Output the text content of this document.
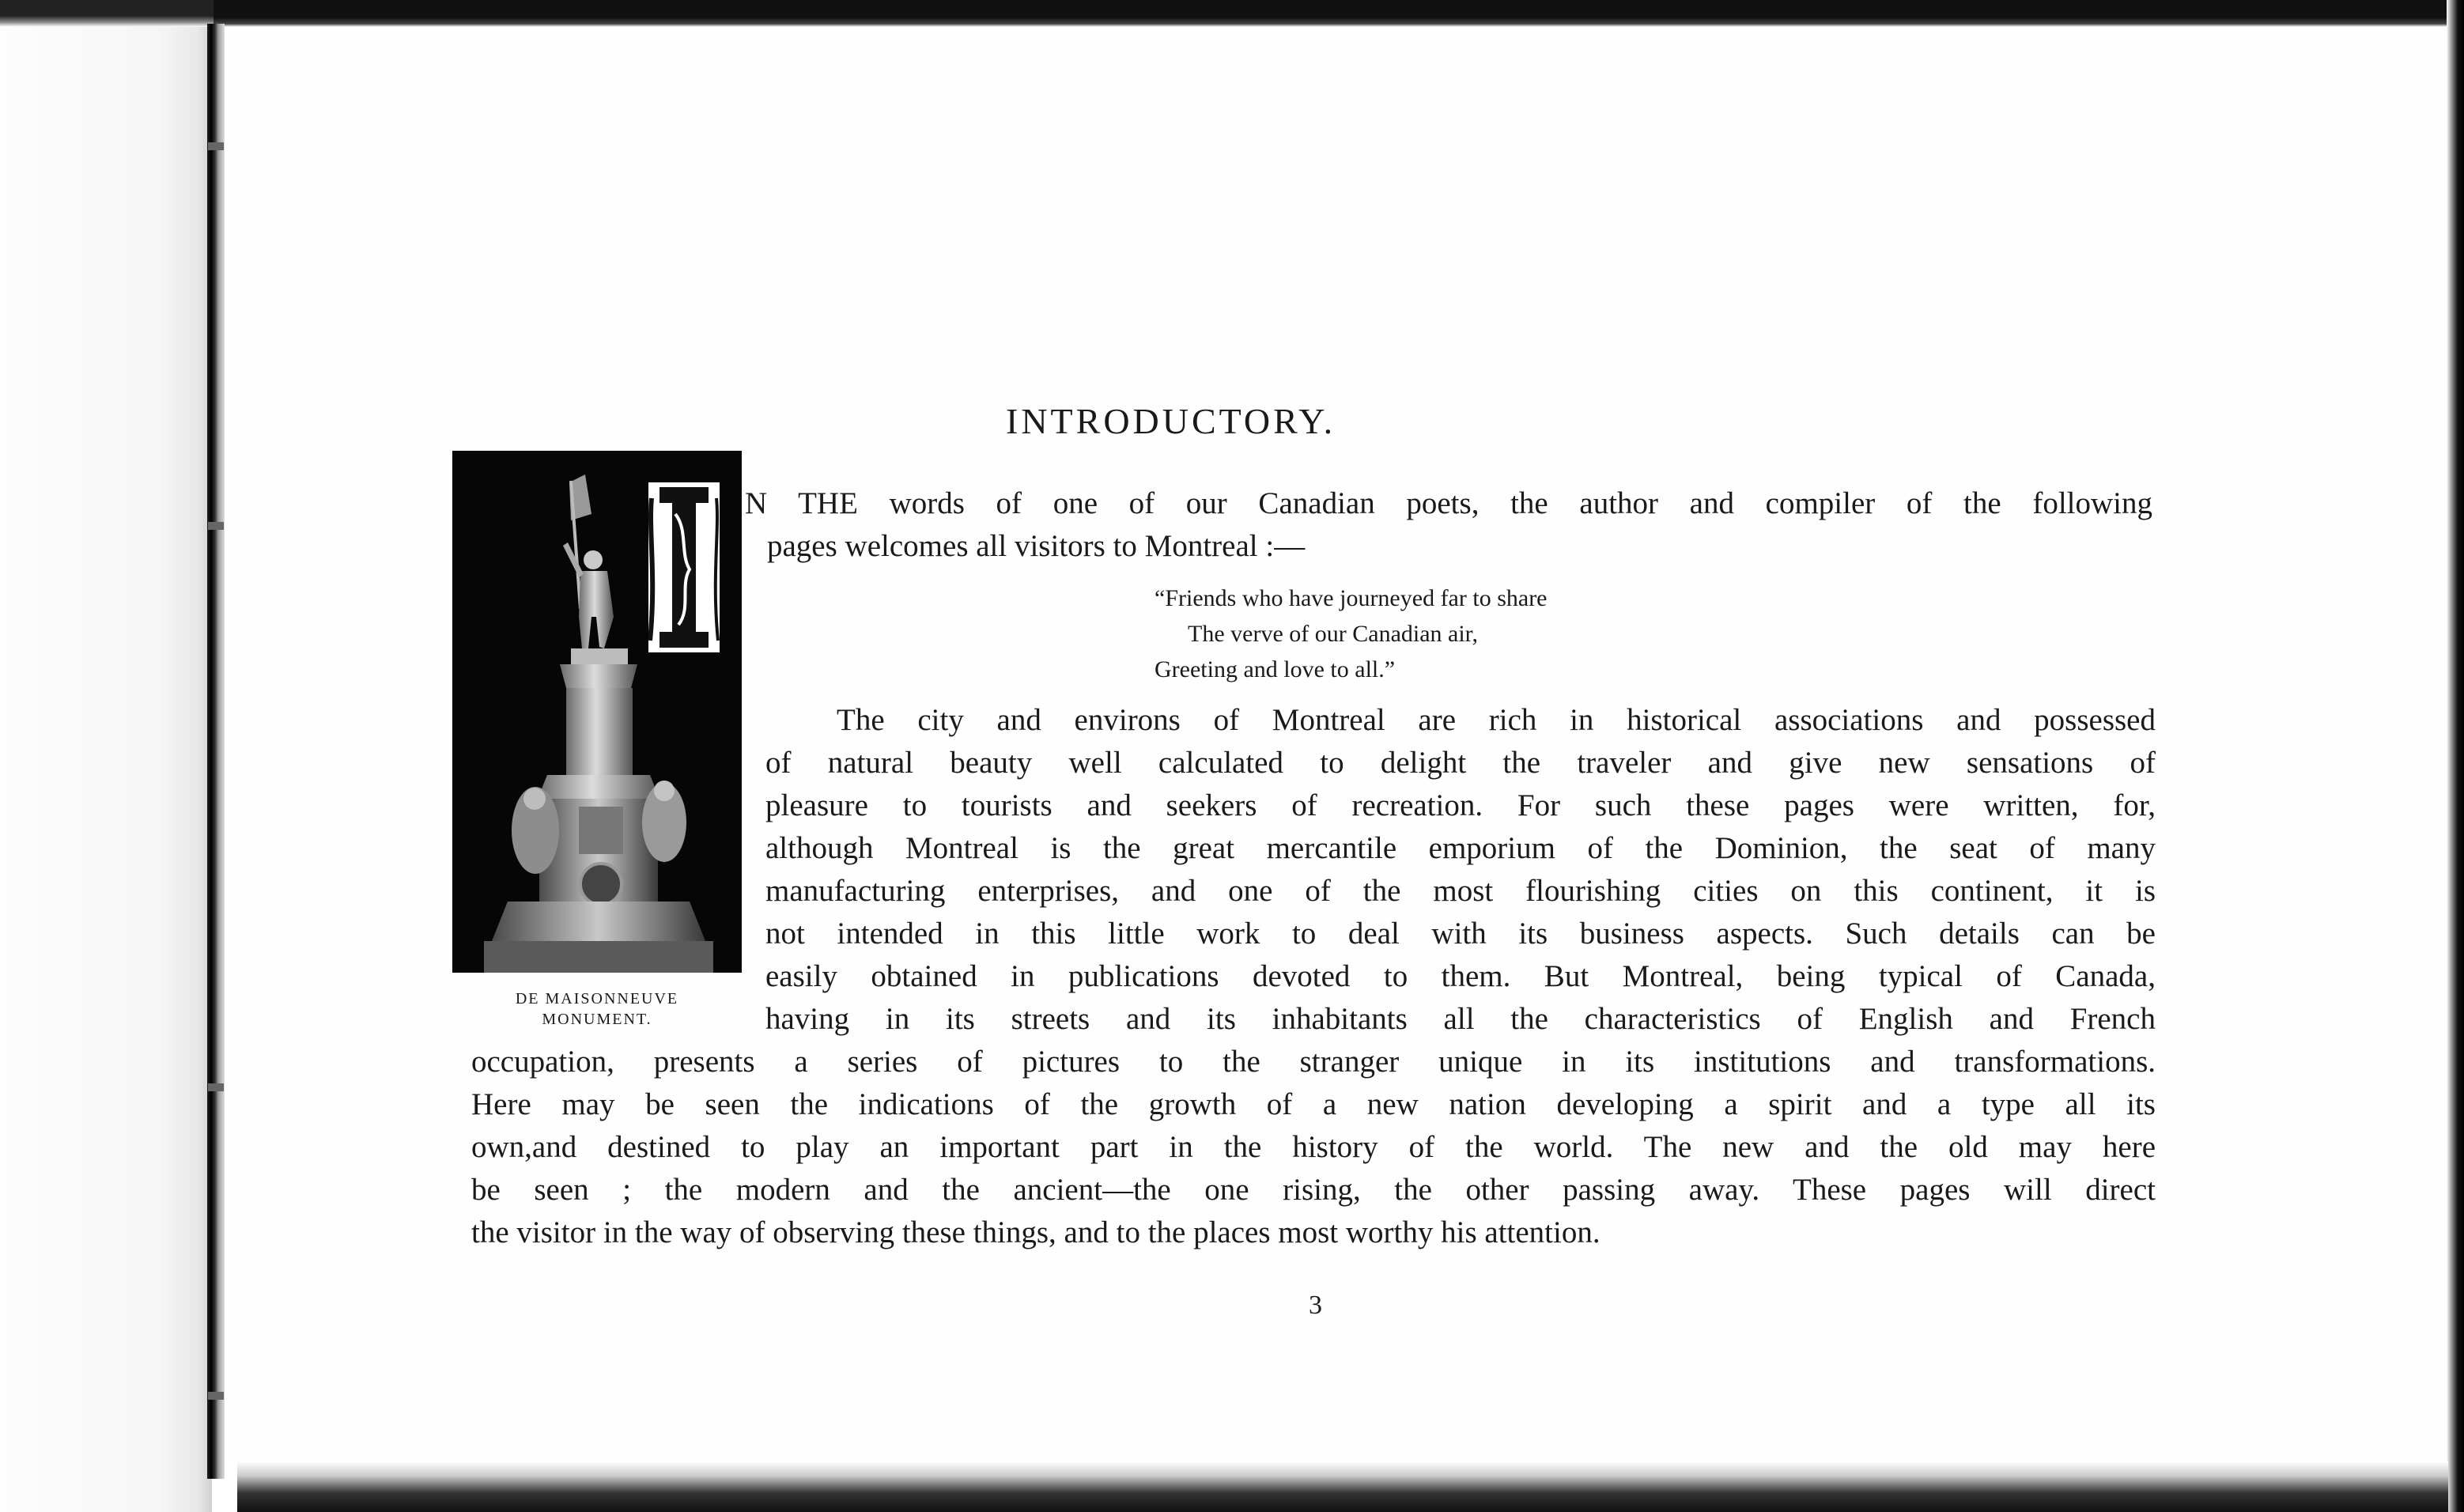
INTRODUCTORY.
DE MAISONNEUVE
MONUMENT.
N THE words of one of our Canadian poets, the author and compiler of the following
pages welcomes all visitors to Montreal :—
“Friends who have journeyed far to share
The verve of our Canadian air,
Greeting and love to all.”
The city and environs of Montreal are rich in historical associations and possessed
of natural beauty well calculated to delight the traveler and give new sensations of
pleasure to tourists and seekers of recreation. For such these pages were written, for,
although Montreal is the great mercantile emporium of the Dominion, the seat of many
manufacturing enterprises, and one of the most flourishing cities on this continent, it is
not intended in this little work to deal with its business aspects. Such details can be
easily obtained in publications devoted to them. But Montreal, being typical of Canada,
having in its streets and its inhabitants all the characteristics of English and French
occupation, presents a series of pictures to the stranger unique in its institutions and transformations.
Here may be seen the indications of the growth of a new nation developing a spirit and a type all its
own,and destined to play an important part in the history of the world. The new and the old may here
be seen ; the modern and the ancient—the one rising, the other passing away. These pages will direct
the visitor in the way of observing these things, and to the places most worthy his attention.
3
